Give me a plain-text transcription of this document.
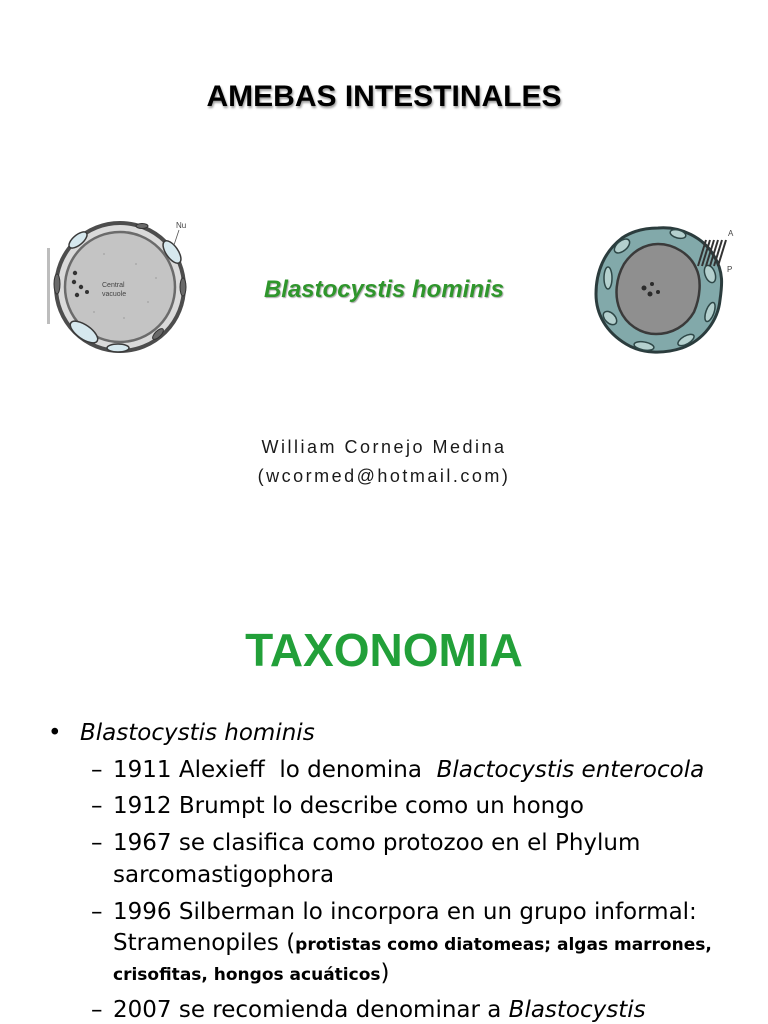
AMEBAS INTESTINALES
Nu
Central
vacuole	Blastocystis hominis
A
P
William Cornejo Medina
(wcormed@hotmail.com)
TAXONOMIA
• Blastocystis hominis
– 1911 Alexieff  lo denomina  Blactocystis enterocola
– 1912 Brumpt lo describe como un hongo
– 1967 se clasifica como protozoo en el Phylum
sarcomastigophora
– 1996 Silberman lo incorpora en un grupo informal:
Stramenopiles (protistas como diatomeas; algas marrones,
crisofitas, hongos acuáticos)
– 2007 se recomienda denominar a Blastocystis
